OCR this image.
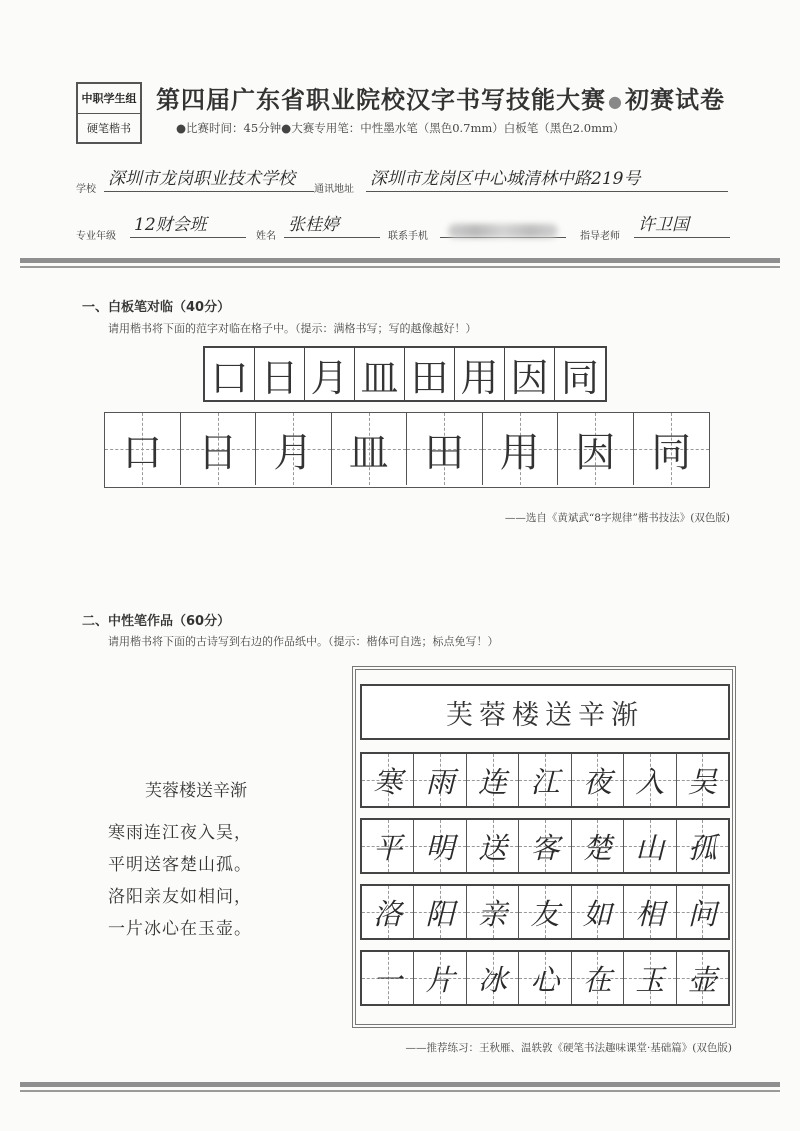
中职学生组
硬笔楷书
第四届广东省职业院校汉字书写技能大赛 ●初赛试卷
●比赛时间：45分钟●大赛专用笔：中性墨水笔（黑色0.7mm）白板笔（黑色2.0mm）
学校
深圳市龙岗职业技术学校
通讯地址
深圳市龙岗区中心城清林中路219号
专业年级
12财会班
姓名
张桂婷
联系手机	指导老师
许卫国
一、白板笔对临（40分）
请用楷书将下面的范字对临在格子中。（提示：满格书写；写的越像越好！）
口 日 月 皿 田 用 因 同
口 日 月 皿 田 用 因 同
——选自《黄斌武“8字规律”楷书技法》(双色版)
二、中性笔作品（60分）
请用楷书将下面的古诗写到右边的作品纸中。（提示：楷体可自选；标点免写！）
芙蓉楼送辛渐
寒雨连江夜入吴，
平明送客楚山孤。
洛阳亲友如相问，
一片冰心在玉壶。
芙蓉楼送辛渐
寒 雨 连 江 夜 入 吴
平 明 送 客 楚 山 孤
洛 阳 亲 友 如 相 问
一 片 冰 心 在 玉 壶
——推荐练习：王秋雁、温轶敦《硬笔书法趣味课堂·基础篇》(双色版)
